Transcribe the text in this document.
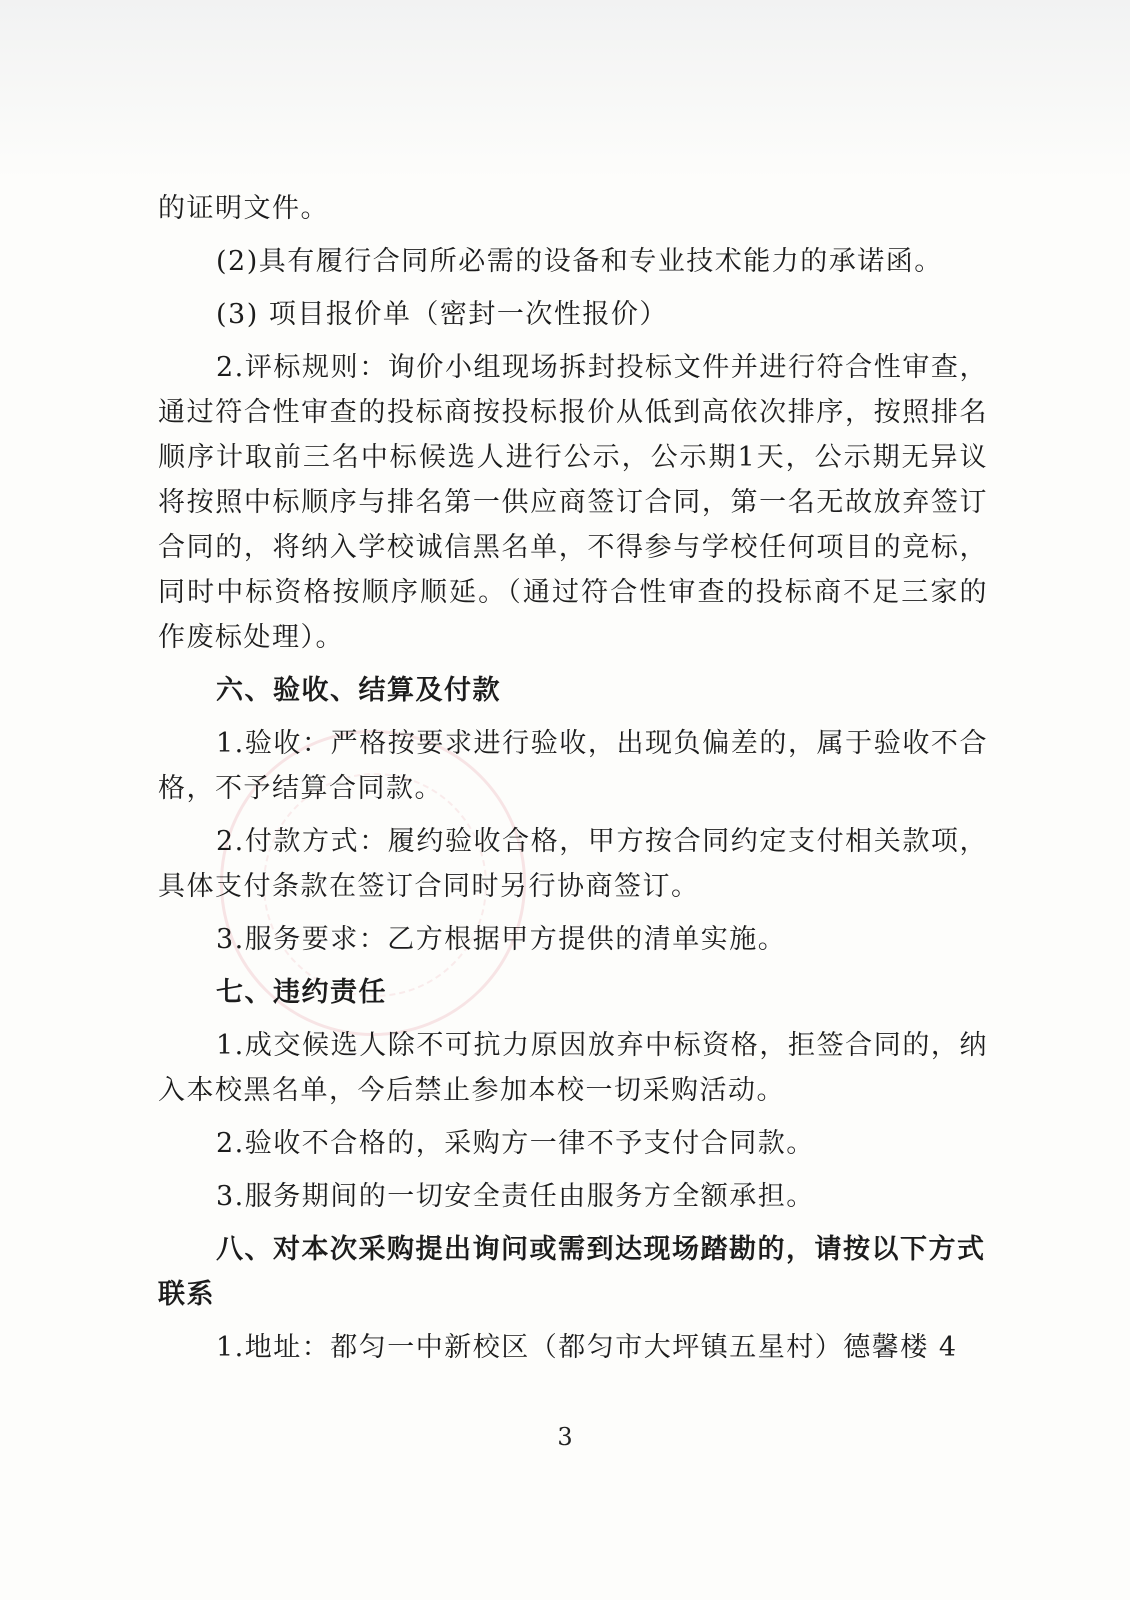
的证明文件。

(2)具有履行合同所必需的设备和专业技术能力的承诺函。

(3) 项目报价单（密封一次性报价）

2.评标规则：询价小组现场拆封投标文件并进行符合性审查，通过符合性审查的投标商按投标报价从低到高依次排序，按照排名顺序计取前三名中标候选人进行公示，公示期1天，公示期无异议将按照中标顺序与排名第一供应商签订合同，第一名无故放弃签订合同的，将纳入学校诚信黑名单，不得参与学校任何项目的竞标，同时中标资格按顺序顺延。（通过符合性审查的投标商不足三家的作废标处理）。

六、验收、结算及付款

1.验收：严格按要求进行验收，出现负偏差的，属于验收不合格，不予结算合同款。

2.付款方式：履约验收合格，甲方按合同约定支付相关款项，具体支付条款在签订合同时另行协商签订。

3.服务要求：乙方根据甲方提供的清单实施。

七、违约责任

1.成交候选人除不可抗力原因放弃中标资格，拒签合同的，纳入本校黑名单，今后禁止参加本校一切采购活动。

2.验收不合格的，采购方一律不予支付合同款。

3.服务期间的一切安全责任由服务方全额承担。

八、对本次采购提出询问或需到达现场踏勘的，请按以下方式联系

1.地址：都匀一中新校区（都匀市大坪镇五星村）德馨楼 4

3
